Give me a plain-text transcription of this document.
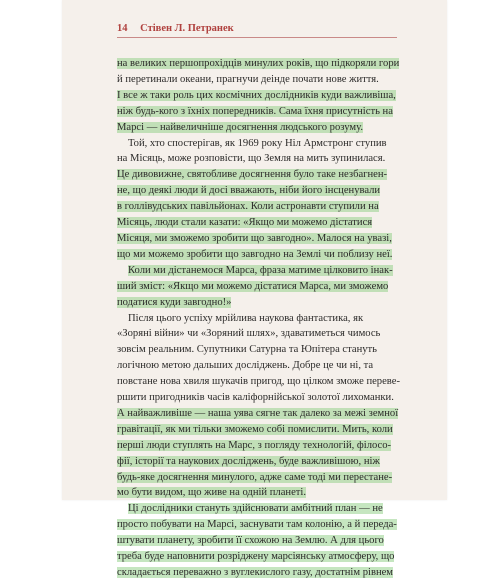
14 Стівен Л. Петранек
на великих першопрохідців минулих років, що підкоряли гори
й перетинали океани, прагнучи деінде почати нове життя.
І все ж таки роль цих космічних дослідників куди важливіша,
ніж будь-кого з їхніх попередників. Сама їхня присутність на
Марсі — найвеличніше досягнення людського розуму.
Той, хто спостерігав, як 1969 року Ніл Армстронг ступив
на Місяць, може розповісти, що Земля на мить зупинилася.
Це дивовижне, святобливе досягнення було таке незбагнен-
не, що деякі люди й досі вважають, ніби його інсценували
в голлівудських павільйонах. Коли астронавти ступили на
Місяць, люди стали казати: «Якщо ми можемо дістатися
Місяця, ми зможемо зробити що завгодно». Малося на увазі,
що ми можемо зробити що завгодно на Землі чи поблизу неї.
Коли ми дістанемося Марса, фраза матиме цілковито інак-
ший зміст: «Якщо ми можемо дістатися Марса, ми зможемо
податися куди завгодно!»
Після цього успіху мрійлива наукова фантастика, як
«Зоряні війни» чи «Зоряний шлях», здаватиметься чимось
зовсім реальним. Супутники Сатурна та Юпітера стануть
логічною метою дальших досліджень. Добре це чи ні, та
повстане нова хвиля шукачів пригод, що цілком зможе переве-
ршити пригодників часів каліфорнійської золотої лихоманки.
А найважливіше — наша уява сягне так далеко за межі земної
гравітації, як ми тільки зможемо собі помислити. Мить, коли
перші люди ступлять на Марс, з погляду технологій, філосо-
фії, історії та наукових досліджень, буде важливішою, ніж
будь-яке досягнення минулого, адже саме тоді ми перестане-
мо бути видом, що живе на одній планеті.
Ці дослідники стануть здійснювати амбітний план — не
просто побувати на Марсі, заснувати там колонію, а й переда-
штувати планету, зробити її схожою на Землю. А для цього
треба буде наповнити розріджену марсіянську атмосферу, що
складається переважно з вуглекислого газу, достатнім рівнем
